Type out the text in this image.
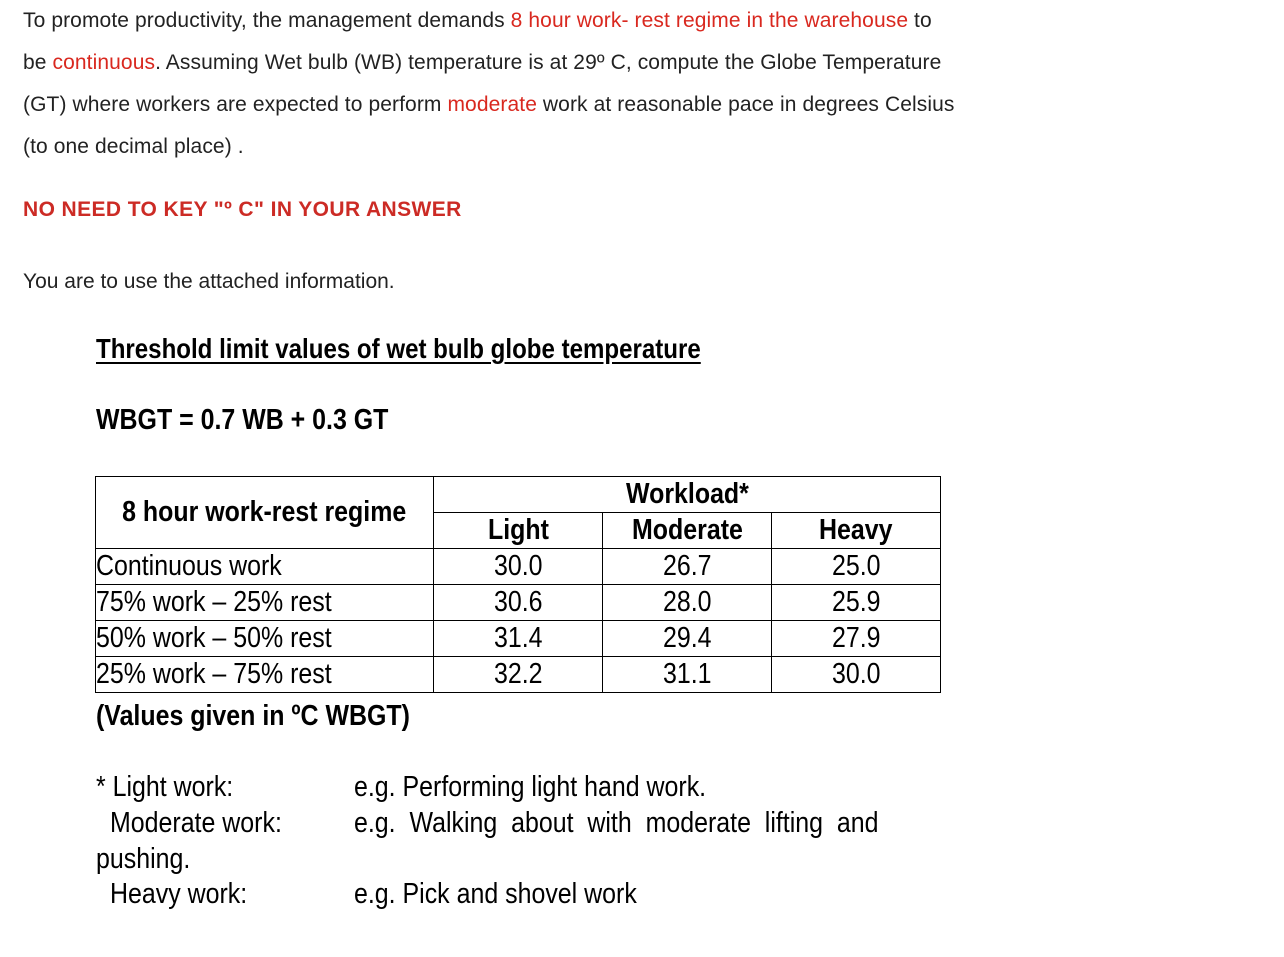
To promote productivity, the management demands 8 hour work- rest regime in the warehouse to
be continuous. Assuming Wet bulb (WB) temperature is at 29º C, compute the Globe Temperature
(GT) where workers are expected to perform moderate work at reasonable pace in degrees Celsius
(to one decimal place) .
NO NEED TO KEY "º C" IN YOUR ANSWER
You are to use the attached information.
Threshold limit values of wet bulb globe temperature
WBGT = 0.7 WB + 0.3 GT
8 hour work-rest regime	Workload*		
	Light	Moderate	Heavy
Continuous work	30.0	26.7	25.0
75% work – 25% rest	30.6	28.0	25.9
50% work – 50% rest	31.4	29.4	27.9
25% work – 75% rest	32.2	31.1	30.0
(Values given in ºC WBGT)
* Light work:	e.g. Performing light hand work.
Moderate work: e.g.  Walking  about  with  moderate  lifting  and
pushing.
Heavy work:	e.g. Pick and shovel work
